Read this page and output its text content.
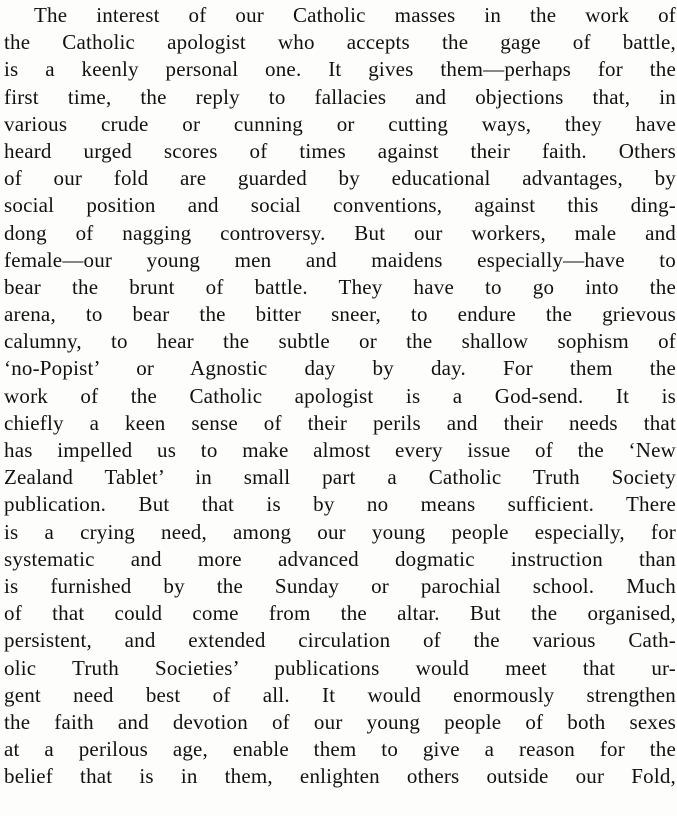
The interest of our Catholic masses in the work of
the Catholic apologist who accepts the gage of battle,
is a keenly personal one. It gives them—perhaps for the
first time, the reply to fallacies and objections that, in
various crude or cunning or cutting ways, they have
heard urged scores of times against their faith. Others
of our fold are guarded by educational advantages, by
social position and social conventions, against this ding-
dong of nagging controversy. But our workers, male and
female—our young men and maidens especially—have to
bear the brunt of battle. They have to go into the
arena, to bear the bitter sneer, to endure the grievous
calumny, to hear the subtle or the shallow sophism of
‘no-Popist’ or Agnostic day by day. For them the
work of the Catholic apologist is a God-send. It is
chiefly a keen sense of their perils and their needs that
has impelled us to make almost every issue of the ‘New
Zealand Tablet’ in small part a Catholic Truth Society
publication. But that is by no means sufficient. There
is a crying need, among our young people especially, for
systematic and more advanced dogmatic instruction than
is furnished by the Sunday or parochial school. Much
of that could come from the altar. But the organised,
persistent, and extended circulation of the various Cath-
olic Truth Societies’ publications would meet that ur-
gent need best of all. It would enormously strengthen
the faith and devotion of our young people of both sexes
at a perilous age, enable them to give a reason for the
belief that is in them, enlighten others outside our Fold,
